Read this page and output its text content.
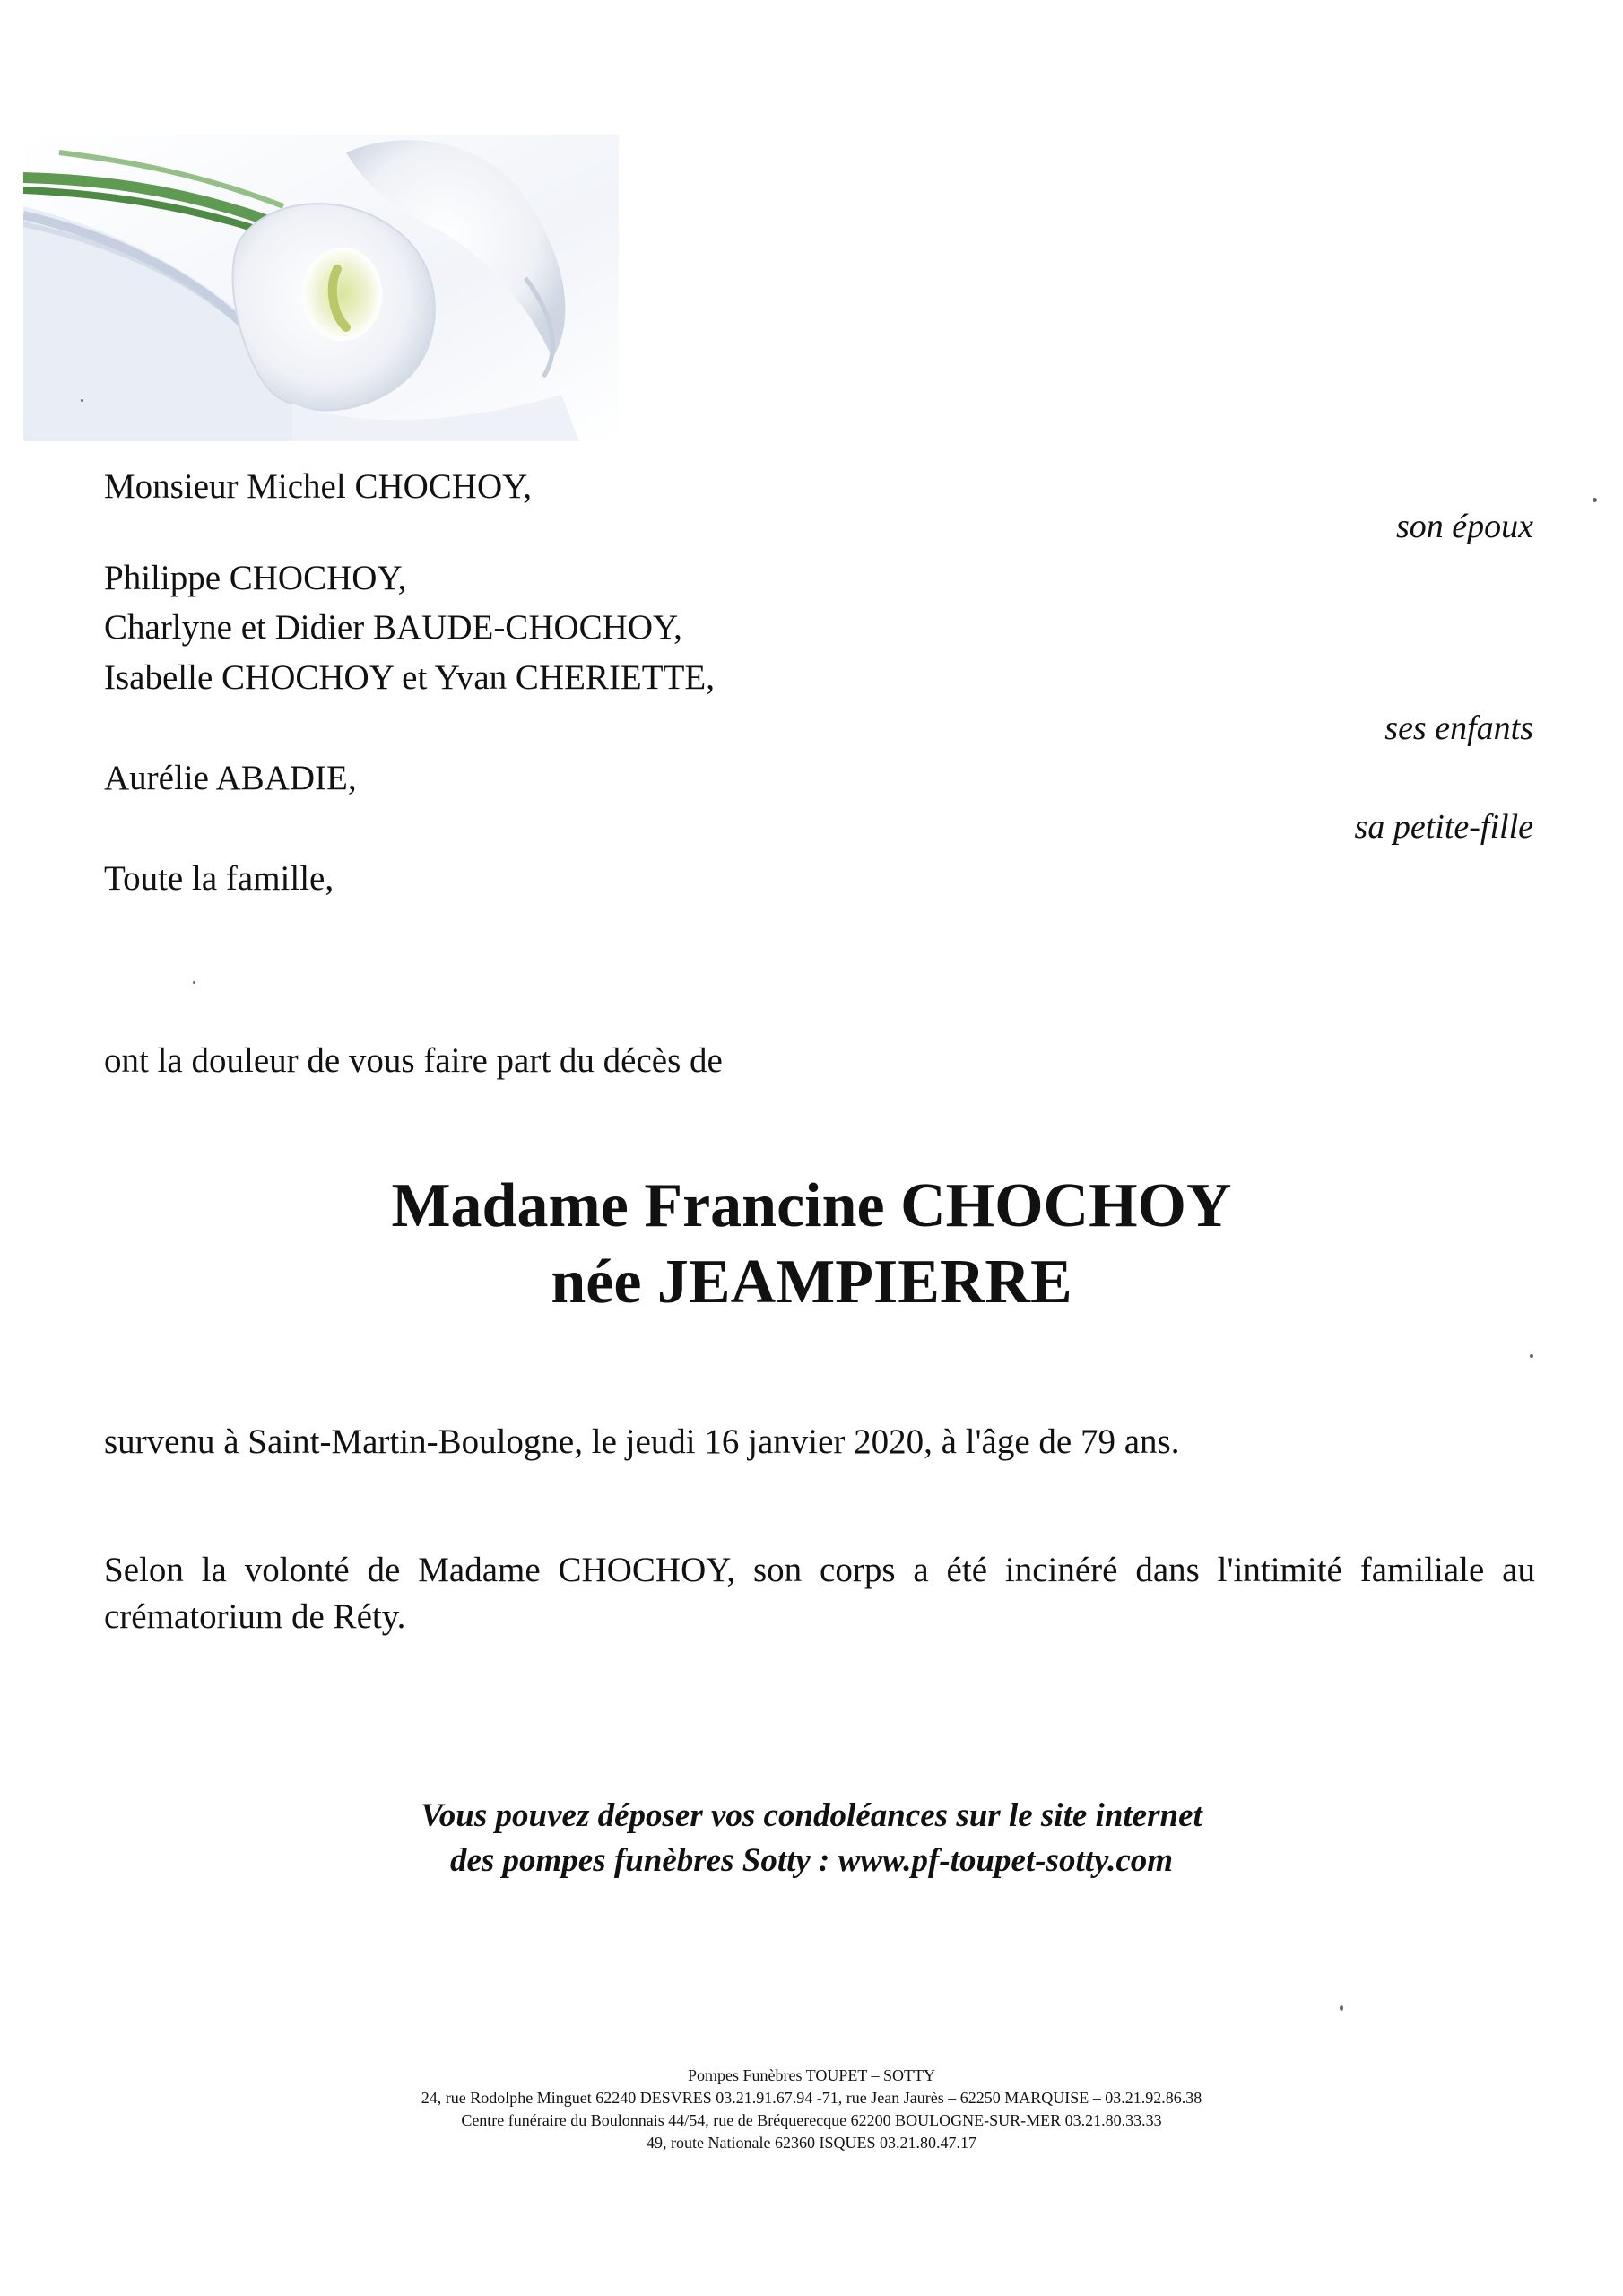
Monsieur Michel CHOCHOY,
son époux
Philippe CHOCHOY,
Charlyne et Didier BAUDE-CHOCHOY,
Isabelle CHOCHOY et Yvan CHERIETTE,
ses enfants
Aurélie ABADIE,
sa petite-fille
Toute la famille,
ont la douleur de vous faire part du décès de
Madame Francine CHOCHOY
née JEAMPIERRE
survenu à Saint-Martin-Boulogne, le jeudi 16 janvier 2020, à l'âge de 79 ans.
Selon la volonté de Madame CHOCHOY, son corps a été incinéré dans l'intimité familiale au crématorium de Réty.
Vous pouvez déposer vos condoléances sur le site internet
des pompes funèbres Sotty : www.pf-toupet-sotty.com
Pompes Funèbres TOUPET – SOTTY
24, rue Rodolphe Minguet 62240 DESVRES 03.21.91.67.94 -71, rue Jean Jaurès – 62250 MARQUISE – 03.21.92.86.38
Centre funéraire du Boulonnais 44/54, rue de Bréquerecque 62200 BOULOGNE-SUR-MER 03.21.80.33.33
49, route Nationale 62360 ISQUES 03.21.80.47.17
